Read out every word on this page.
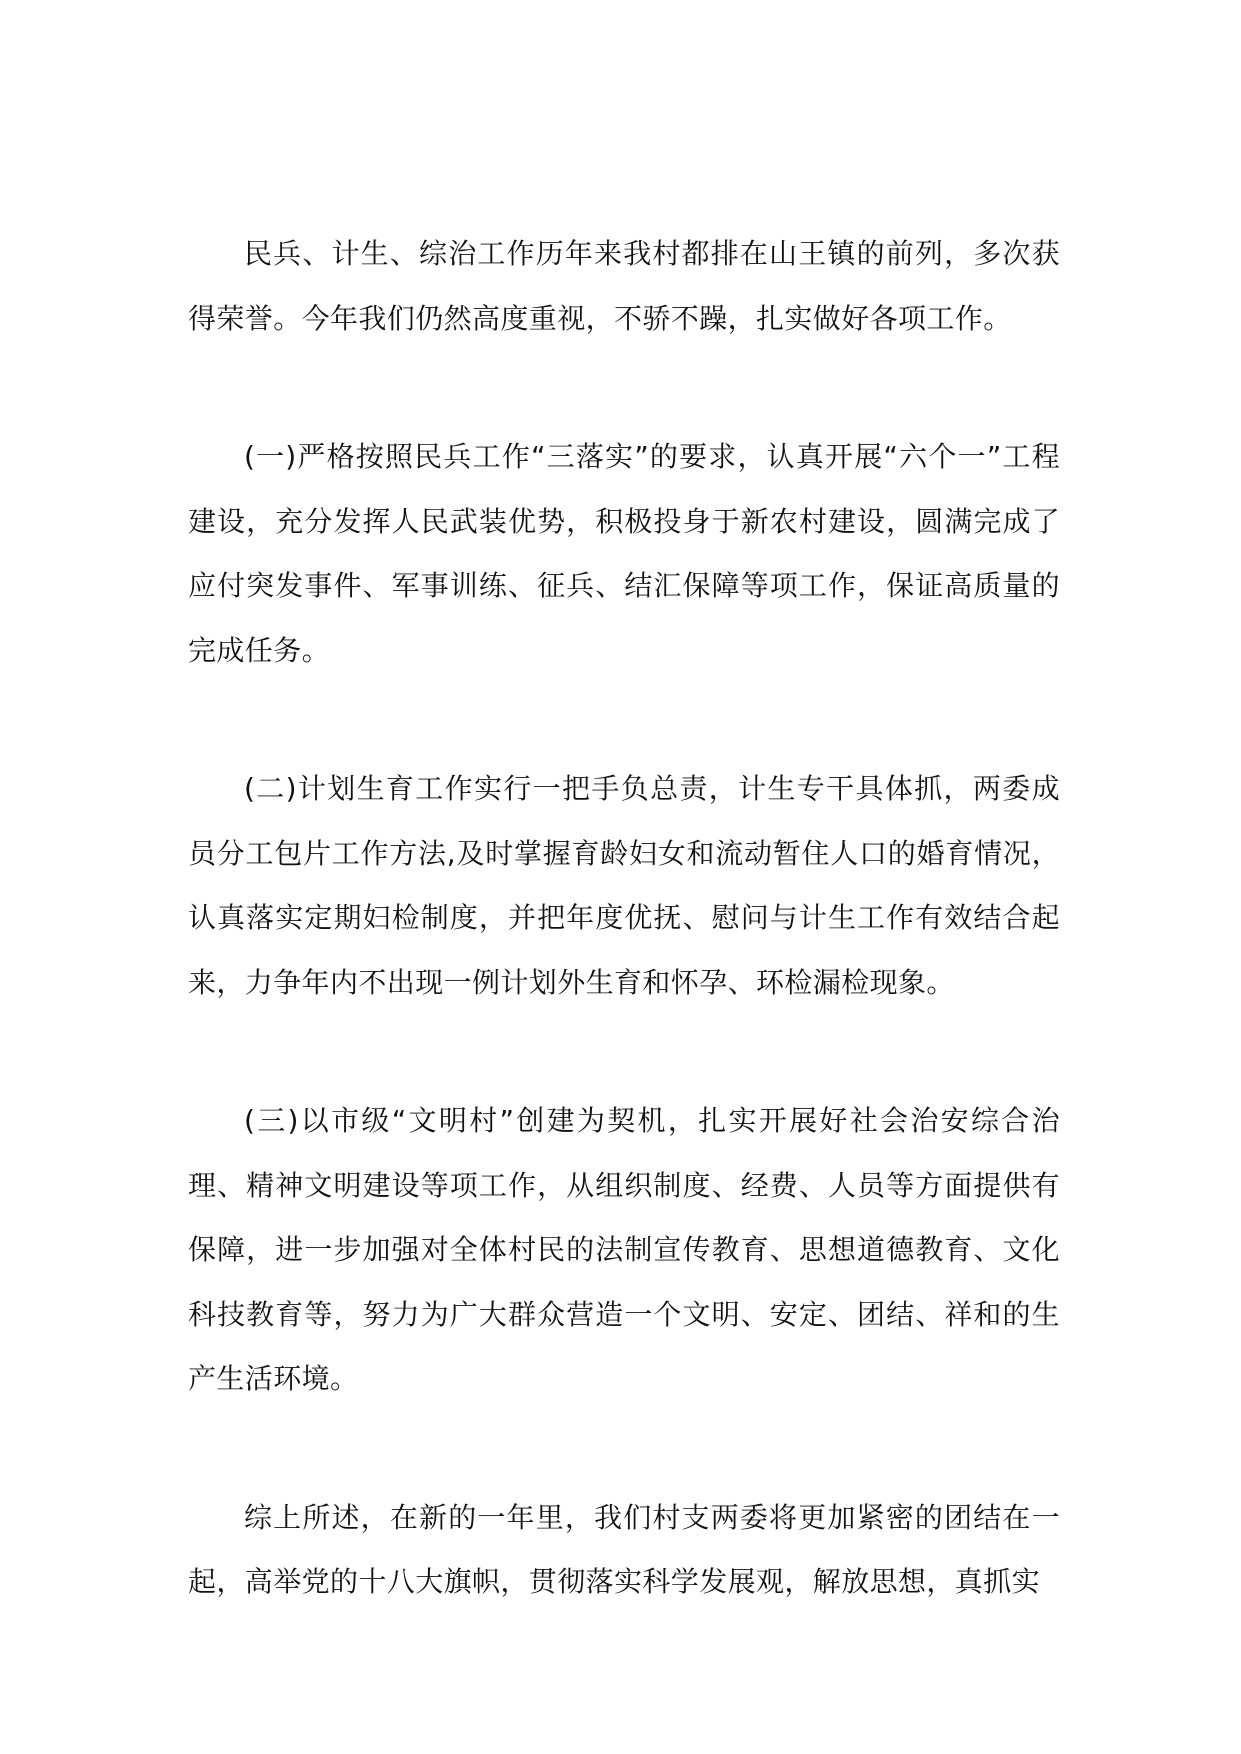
民兵、计生、综治工作历年来我村都排在山王镇的前列，多次获得荣誉。今年我们仍然高度重视，不骄不躁，扎实做好各项工作。

(一)严格按照民兵工作“三落实”的要求，认真开展“六个一”工程建设，充分发挥人民武装优势，积极投身于新农村建设，圆满完成了应付突发事件、军事训练、征兵、结汇保障等项工作，保证高质量的完成任务。

(二)计划生育工作实行一把手负总责，计生专干具体抓，两委成员分工包片工作方法,及时掌握育龄妇女和流动暂住人口的婚育情况，认真落实定期妇检制度，并把年度优抚、慰问与计生工作有效结合起来，力争年内不出现一例计划外生育和怀孕、环检漏检现象。

(三)以市级“文明村”创建为契机，扎实开展好社会治安综合治理、精神文明建设等项工作，从组织制度、经费、人员等方面提供有保障，进一步加强对全体村民的法制宣传教育、思想道德教育、文化科技教育等，努力为广大群众营造一个文明、安定、团结、祥和的生产生活环境。

综上所述，在新的一年里，我们村支两委将更加紧密的团结在一起，高举党的十八大旗帜，贯彻落实科学发展观，解放思想，真抓实
